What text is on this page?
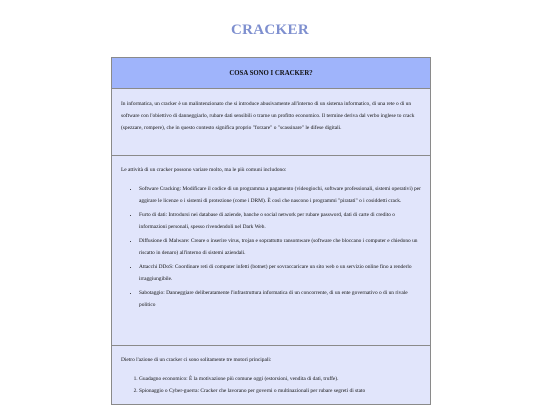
CRACKER
COSA SONO I CRACKER?

In informatica, un cracker è un malintenzionato che si introduce abusivamente all'interno di un sistema informatico, di una rete o di un software con l'obiettivo di danneggiarlo, rubare dati sensibili o trarne un profitto economico. Il termine deriva dal verbo inglese to crack (spezzare, rompere), che in questo contesto significa proprio "forzare" o "scassinare" le difese digitali.

Le attività di un cracker possono variare molto, ma le più comuni includono:

• Software Cracking: Modificare il codice di un programma a pagamento (videogiochi, software professionali, sistemi operativi) per aggirare le licenze o i sistemi di protezione (come i DRM). È così che nascono i programmi "piratati" o i cosiddetti crack.
• Furto di dati: Introdursi nei database di aziende, banche o social network per rubare password, dati di carte di credito o informazioni personali, spesso rivendendoli nel Dark Web.
• Diffusione di Malware: Creare o inserire virus, trojan e soprattutto ransomware (software che bloccano i computer e chiedono un riscatto in denaro) all'interno di sistemi aziendali.
• Attacchi DDoS: Coordinare reti di computer infetti (botnet) per sovraccaricare un sito web o un servizio online fino a renderlo irraggiungibile.
• Sabotaggio: Danneggiare deliberatamente l'infrastruttura informatica di un concorrente, di un ente governativo o di un rivale politico

Dietro l'azione di un cracker ci sono solitamente tre motori principali:

1. Guadagno economico: È la motivazione più comune oggi (estorsioni, vendita di dati, truffe).
2. Spionaggio o Cyber-guerra: Cracker che lavorano per governi o multinazionali per rubare segreti di stato
